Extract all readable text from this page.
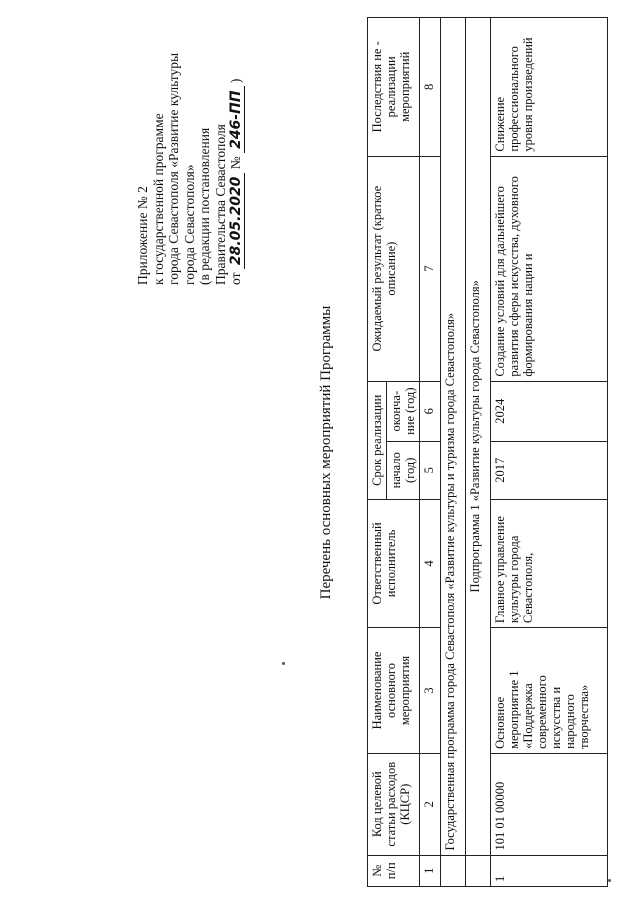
Приложение № 2 к государственной программе города Севастополя «Развитие культуры города Севастополя» (в редакции постановления Правительства Севастополя от 28.05.2020 № 246-ПП )
Перечень основных мероприятий Программы
№ п/п	Код целевой статьи расходов (КЦСР)	Наименование основного мероприятия	Ответственный исполнитель	Срок реализации		Ожидаемый результат (краткое описание)	Последствия не - реализации мероприятий
				начало (год)	оконча-ние (год)		
1	2	3	4	5	6	7	8
	Государственная программа города Севастополя «Развитие культуры и туризма города Севастополя»						
	Подпрограмма 1 «Развитие культуры города Севастополя»						
1	101 01 00000	Основное мероприятие 1 «Поддержка современного искусства и народного творчества»	Главное управление культуры города Севастополя,	2017	2024	Создание условий для дальнейшего развития сферы искусства, духовного формирования нации и	Снижение профессионального уровня произведений
